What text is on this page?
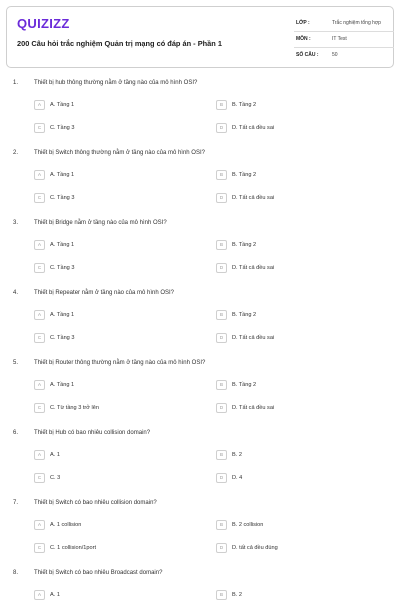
QUIZIZZ
200 Câu hỏi trắc nghiệm Quản trị mạng có đáp án - Phần 1
LỚP :	Trắc nghiệm tổng hợp
MÔN :	IT Test
SỐ CÂU :	50
1.	Thiết bị hub thông thường nằm ở tầng nào của mô hình OSI?
A	A. Tầng 1	B	B. Tầng 2
C	C. Tầng 3	D	D. Tất cả đều sai
2.	Thiết bị Switch thông thường nằm ở tầng nào của mô hình OSI?
A	A. Tầng 1	B	B. Tầng 2
C	C. Tầng 3	D	D. Tất cả đều sai
3.	Thiết bị Bridge nằm ở tầng nào của mô hình OSI?
A	A. Tầng 1	B	B. Tầng 2
C	C. Tầng 3	D	D. Tất cả đều sai
4.	Thiết bị Repeater nằm ở tầng nào của mô hình OSI?
A	A. Tầng 1	B	B. Tầng 2
C	C. Tầng 3	D	D. Tất cả đều sai
5.	Thiết bị Router thông thường nằm ở tầng nào của mô hình OSI?
A	A. Tầng 1	B	B. Tầng 2
C	C. Từ tầng 3 trở lên	D	D. Tất cả đều sai
6.	Thiết bị Hub có bao nhiêu collision domain?
A	A. 1	B	B. 2
C	C. 3	D	D. 4
7.	Thiết bị Switch có bao nhiêu collision domain?
A	A. 1 collision	B	B. 2 collision
C	C. 1 collision/1port	D	D. tất cả đều đúng
8.	Thiết bị Switch có bao nhiêu Broadcast domain?
A	A. 1	B	B. 2
